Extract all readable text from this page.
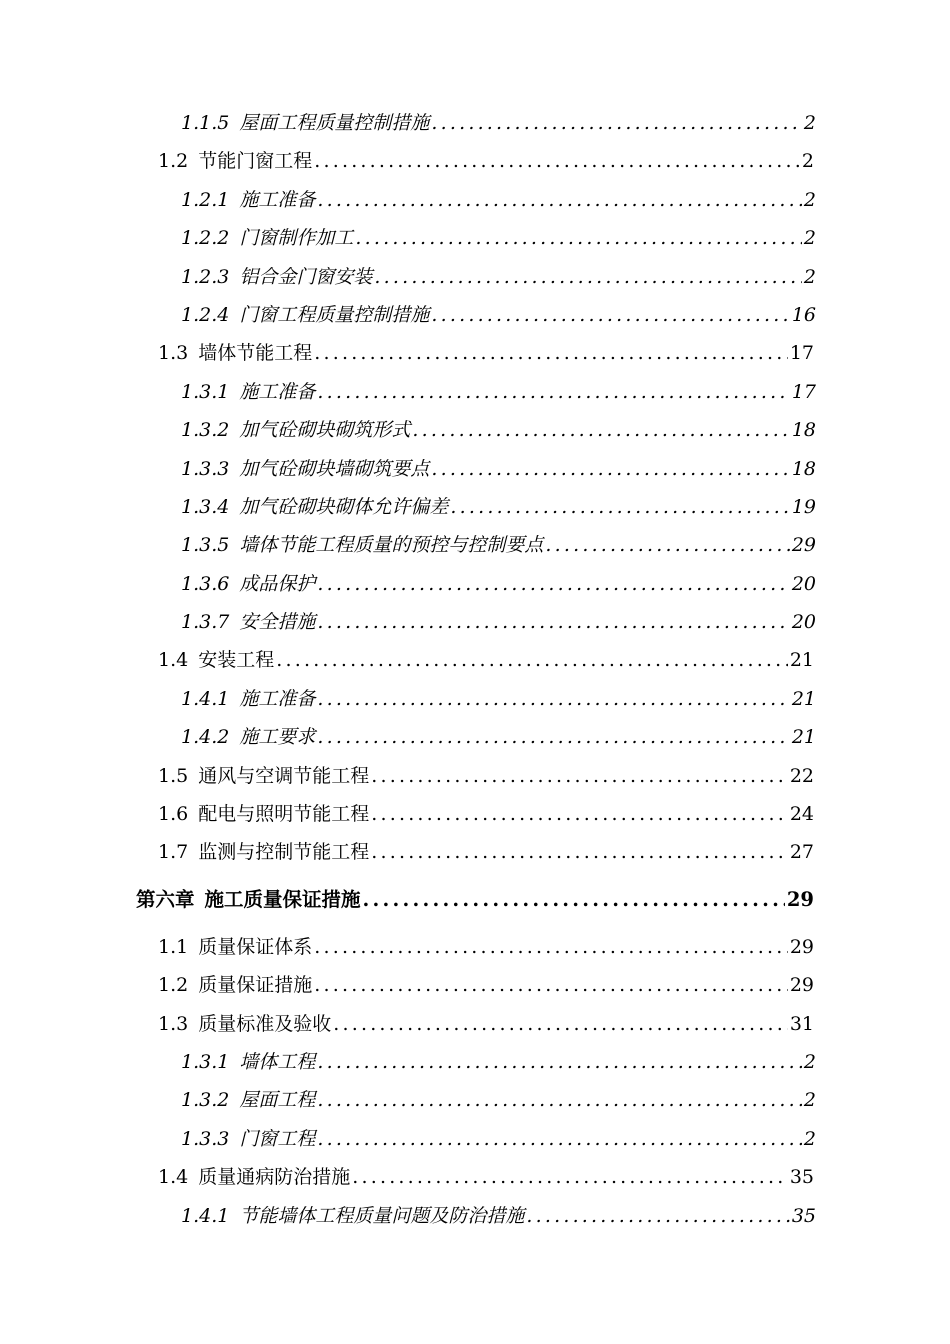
1.1.5 屋面工程质量控制措施 .....	2
1.2 节能门窗工程 .....	2
1.2.1 施工准备 .....	2
1.2.2 门窗制作加工 .....	2
1.2.3 铝合金门窗安装 .....	2
1.2.4 门窗工程质量控制措施 .....	16
1.3 墙体节能工程 .....	17
1.3.1 施工准备 .....	17
1.3.2 加气砼砌块砌筑形式 .....	18
1.3.3 加气砼砌块墙砌筑要点 .....	18
1.3.4 加气砼砌块砌体允许偏差 .....	19
1.3.5 墙体节能工程质量的预控与控制要点 .....	29
1.3.6 成品保护 .....	20
1.3.7 安全措施 .....	20
1.4 安装工程 .....	21
1.4.1 施工准备 .....	21
1.4.2 施工要求 .....	21
1.5 通风与空调节能工程 .....	22
1.6 配电与照明节能工程 .....	24
1.7 监测与控制节能工程 .....	27
第六章 施工质量保证措施 .....	29
1.1 质量保证体系 .....	29
1.2 质量保证措施 .....	29
1.3 质量标准及验收 .....	31
1.3.1 墙体工程 .....	2
1.3.2 屋面工程 .....	2
1.3.3 门窗工程 .....	2
1.4 质量通病防治措施 .....	35
1.4.1 节能墙体工程质量问题及防治措施 .....	35
